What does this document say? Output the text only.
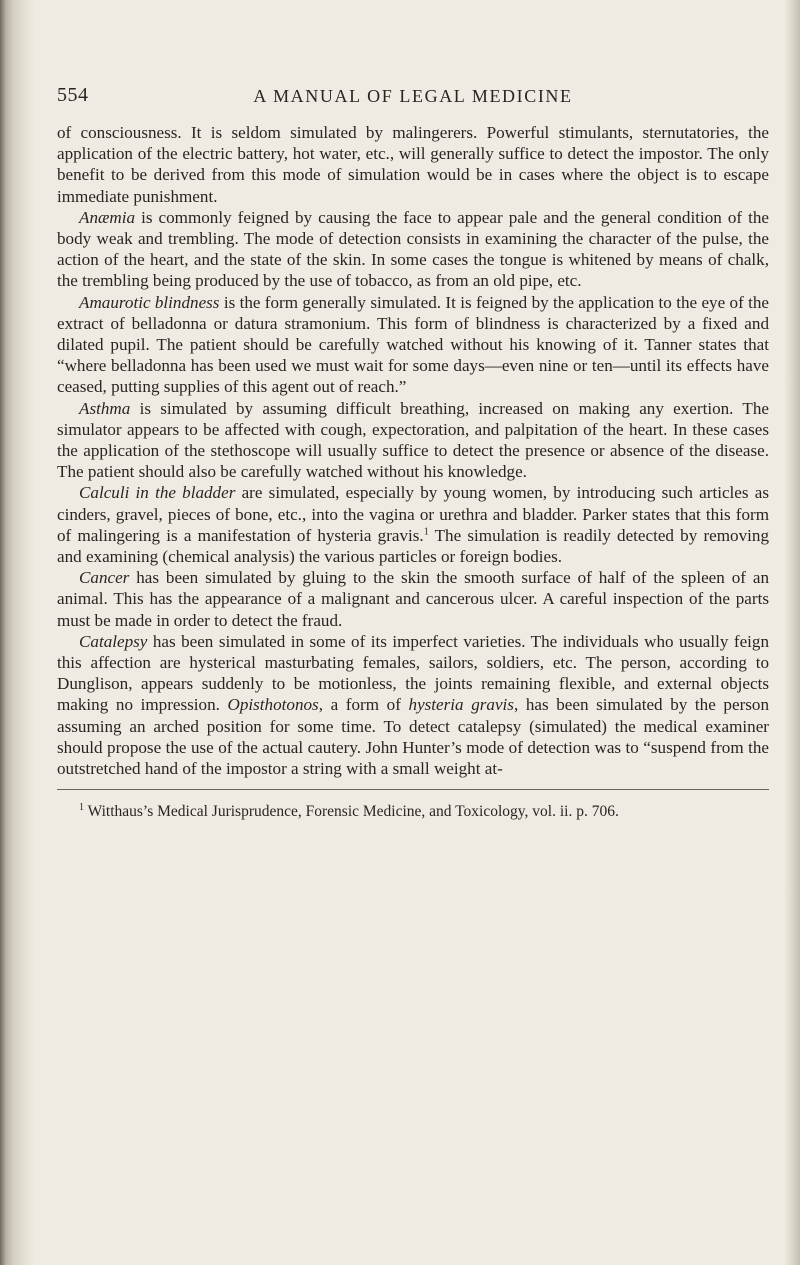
554	A MANUAL OF LEGAL MEDICINE

of consciousness. It is seldom simulated by malingerers. Powerful stimulants, sternutatories, the application of the electric battery, hot water, etc., will generally suffice to detect the impostor. The only benefit to be derived from this mode of simulation would be in cases where the object is to escape immediate punishment.

Anæmia is commonly feigned by causing the face to appear pale and the general condition of the body weak and trembling. The mode of detection consists in examining the character of the pulse, the action of the heart, and the state of the skin. In some cases the tongue is whitened by means of chalk, the trembling being produced by the use of tobacco, as from an old pipe, etc.

Amaurotic blindness is the form generally simulated. It is feigned by the application to the eye of the extract of belladonna or datura stramonium. This form of blindness is characterized by a fixed and dilated pupil. The patient should be carefully watched without his knowing of it. Tanner states that “where belladonna has been used we must wait for some days—even nine or ten—until its effects have ceased, putting supplies of this agent out of reach.”

Asthma is simulated by assuming difficult breathing, increased on making any exertion. The simulator appears to be affected with cough, expectoration, and palpitation of the heart. In these cases the application of the stethoscope will usually suffice to detect the presence or absence of the disease. The patient should also be carefully watched without his knowledge.

Calculi in the bladder are simulated, especially by young women, by introducing such articles as cinders, gravel, pieces of bone, etc., into the vagina or urethra and bladder. Parker states that this form of malingering is a manifestation of hysteria gravis.$^1$ The simulation is readily detected by removing and examining (chemical analysis) the various particles or foreign bodies.

Cancer has been simulated by gluing to the skin the smooth surface of half of the spleen of an animal. This has the appearance of a malignant and cancerous ulcer. A careful inspection of the parts must be made in order to detect the fraud.

Catalepsy has been simulated in some of its imperfect varieties. The individuals who usually feign this affection are hysterical masturbating females, sailors, soldiers, etc. The person, according to Dunglison, appears suddenly to be motionless, the joints remaining flexible, and external objects making no impression. Opisthotonos, a form of hysteria gravis, has been simulated by the person assuming an arched position for some time. To detect catalepsy (simulated) the medical examiner should propose the use of the actual cautery. John Hunter’s mode of detection was to “suspend from the outstretched hand of the impostor a string with a small weight at-

$^1$ Witthaus’s Medical Jurisprudence, Forensic Medicine, and Toxicology, vol. ii. p. 706.
